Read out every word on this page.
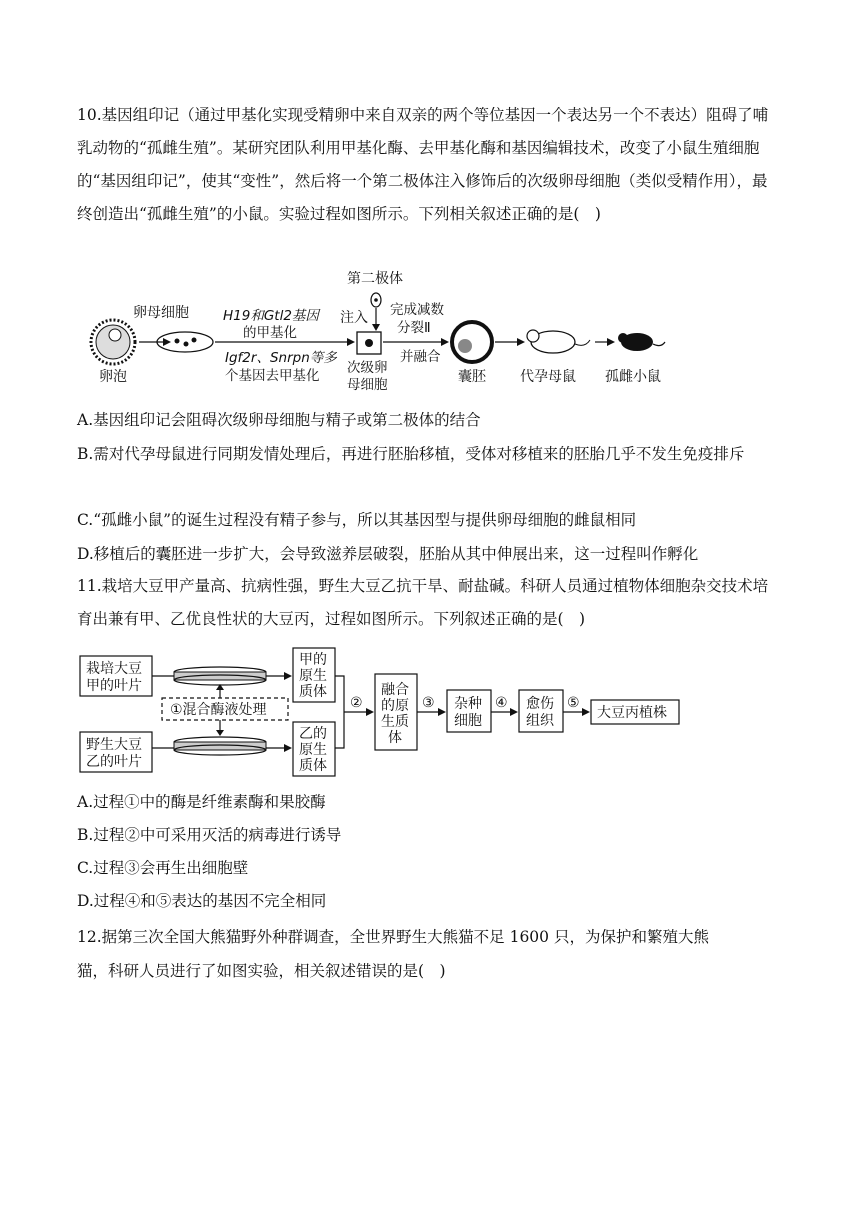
10.基因组印记（通过甲基化实现受精卵中来自双亲的两个等位基因一个表达另一个不表达）阻碍了哺乳动物的“孤雌生殖”。某研究团队利用甲基化酶、去甲基化酶和基因编辑技术，改变了小鼠生殖细胞的“基因组印记”，使其“变性”，然后将一个第二极体注入修饰后的次级卵母细胞（类似受精作用），最终创造出“孤雌生殖”的小鼠。实验过程如图所示。下列相关叙述正确的是(　)

卵泡
卵母细胞	H19和Gtl2基因
的甲基化
Igf2r、Snrpn等多
个基因去甲基化
第二极体
注入 完成减数
分裂Ⅱ
并融合
次级卵
母细胞	囊胚 代孕母鼠 孤雌小鼠

A.基因组印记会阻碍次级卵母细胞与精子或第二极体的结合

B.需对代孕母鼠进行同期发情处理后，再进行胚胎移植，受体对移植来的胚胎几乎不发生免疫排斥

C.“孤雌小鼠”的诞生过程没有精子参与，所以其基因型与提供卵母细胞的雌鼠相同

D.移植后的囊胚进一步扩大，会导致滋养层破裂，胚胎从其中伸展出来，这一过程叫作孵化

11.栽培大豆甲产量高、抗病性强，野生大豆乙抗干旱、耐盐碱。科研人员通过植物体细胞杂交技术培育出兼有甲、乙优良性状的大豆丙，过程如图所示。下列叙述正确的是(　)

栽培大豆
甲的叶片
甲的
原生
质体
①混合酶液处理
野生大豆
乙的叶片
乙的
原生
质体
②
融合
的原
生质
体
③ 杂种
细胞
④ 愈伤
组织
⑤
大豆丙植株

A.过程①中的酶是纤维素酶和果胶酶

B.过程②中可采用灭活的病毒进行诱导

C.过程③会再生出细胞壁

D.过程④和⑤表达的基因不完全相同

12.据第三次全国大熊猫野外种群调查，全世界野生大熊猫不足 1600 只，为保护和繁殖大熊

猫，科研人员进行了如图实验，相关叙述错误的是(　)
